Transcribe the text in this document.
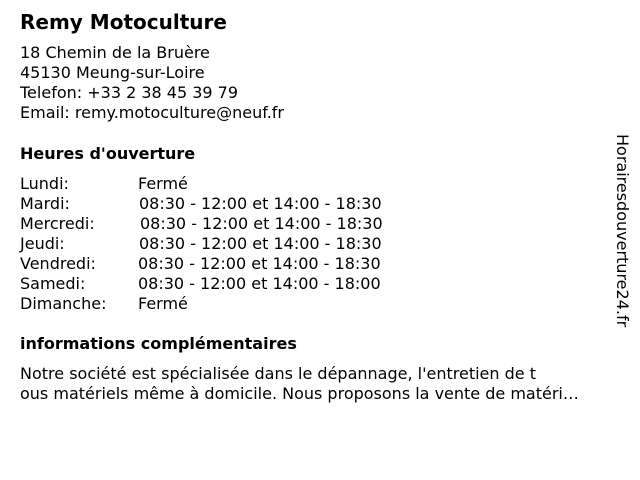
Remy Motoculture
18 Chemin de la Bruère
45130 Meung-sur-Loire
Telefon: +33 2 38 45 39 79
Email: remy.motoculture@neuf.fr
Heures d'ouverture
Lundi:	Fermé
Mardi:	08:30 - 12:00 et 14:00 - 18:30
Mercredi:	08:30 - 12:00 et 14:00 - 18:30
Jeudi:	08:30 - 12:00 et 14:00 - 18:30
Vendredi:	08:30 - 12:00 et 14:00 - 18:30
Samedi:	08:30 - 12:00 et 14:00 - 18:00
Dimanche: Fermé
informations complémentaires
Notre société est spécialisée dans le dépannage, l'entretien de t
ous matériels même à domicile. Nous proposons la vente de matéri…
Horairesdouverture24.fr
